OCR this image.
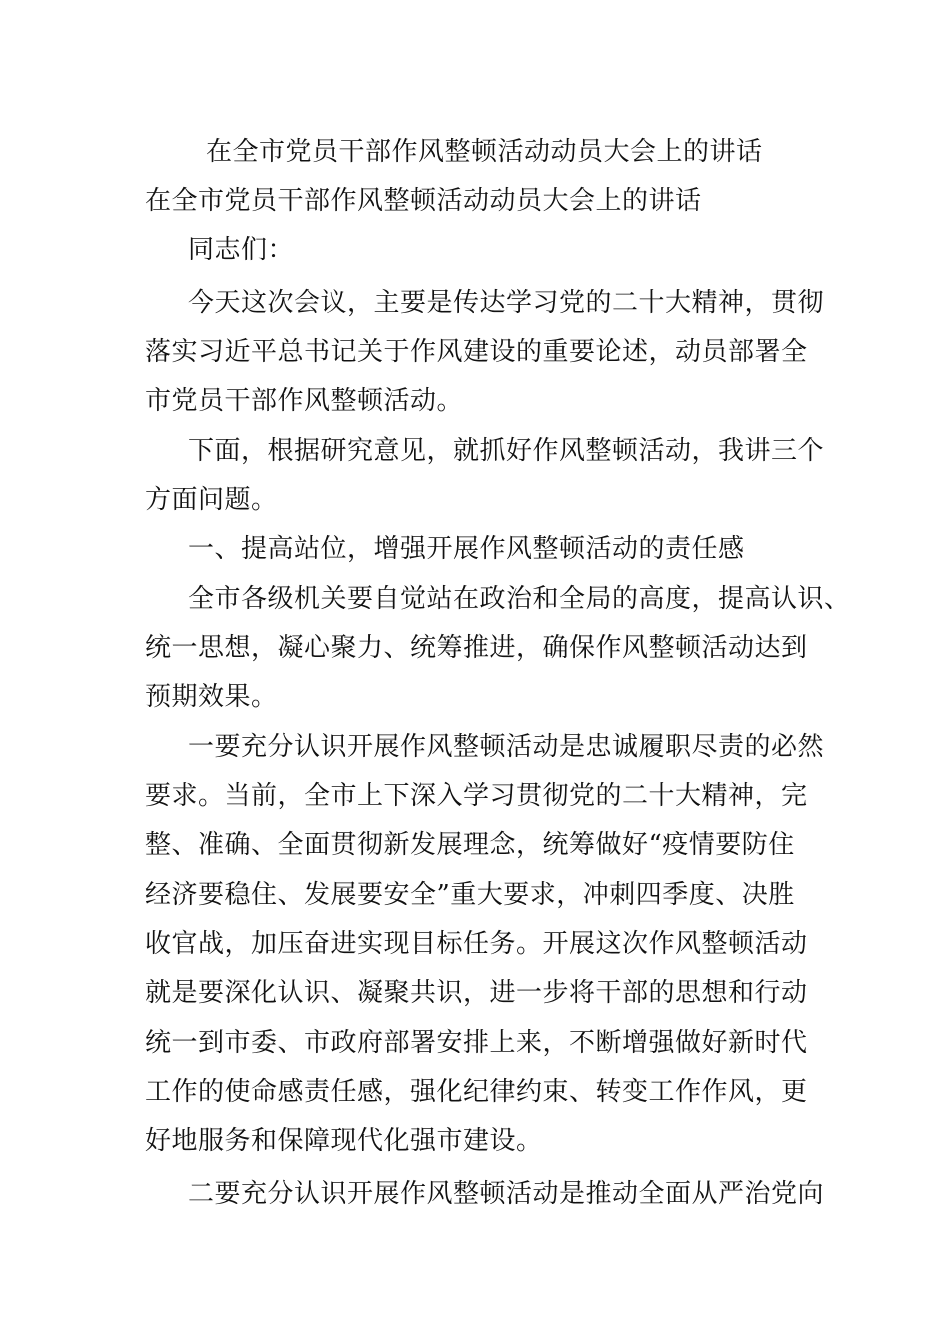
在全市党员干部作风整顿活动动员大会上的讲话
在全市党员干部作风整顿活动动员大会上的讲话
同志们：
今天这次会议，主要是传达学习党的二十大精神，贯彻
落实习近平总书记关于作风建设的重要论述，动员部署全
市党员干部作风整顿活动。
下面，根据研究意见，就抓好作风整顿活动，我讲三个
方面问题。
一、提高站位，增强开展作风整顿活动的责任感
全市各级机关要自觉站在政治和全局的高度，提高认识、
统一思想，凝心聚力、统筹推进，确保作风整顿活动达到
预期效果。
一要充分认识开展作风整顿活动是忠诚履职尽责的必然
要求。当前，全市上下深入学习贯彻党的二十大精神，完
整、准确、全面贯彻新发展理念，统筹做好“疫情要防住
经济要稳住、发展要安全”重大要求，冲刺四季度、决胜
收官战，加压奋进实现目标任务。开展这次作风整顿活动
就是要深化认识、凝聚共识，进一步将干部的思想和行动
统一到市委、市政府部署安排上来，不断增强做好新时代
工作的使命感责任感，强化纪律约束、转变工作作风，更
好地服务和保障现代化强市建设。
二要充分认识开展作风整顿活动是推动全面从严治党向
